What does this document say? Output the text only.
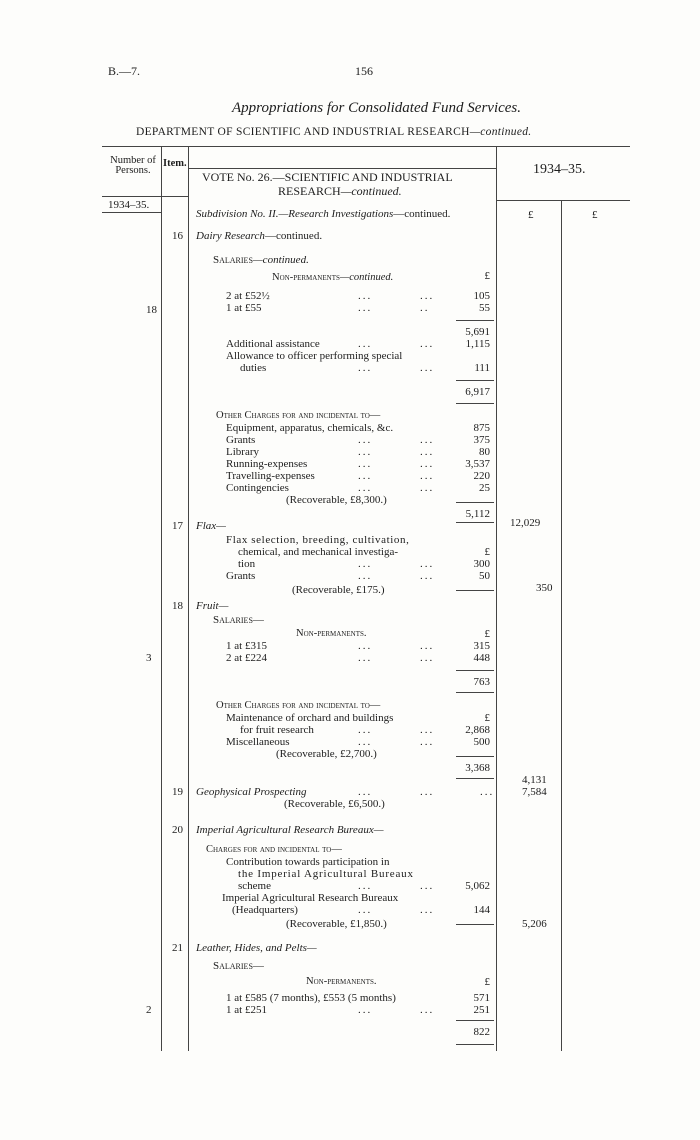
B.—7.	156
Appropriations for Consolidated Fund Services.
DEPARTMENT OF SCIENTIFIC AND INDUSTRIAL RESEARCH—continued.
Number of Persons.
Item.
VOTE No. 26.—SCIENTIFIC AND INDUSTRIAL
RESEARCH—continued.
1934–35.
1934–35.
£	£
Subdivision No. II.—Research Investigations—continued.
16 Dairy Research—continued.
Salaries—continued.
Non-permanents—continued.	£
18
2 at £52½	...	...	105
1 at £55	...	..	55
5,691
Additional assistance	...	...	1,115
Allowance to officer performing special
duties	...	...	111
6,917
Other Charges for and incidental to—
Equipment, apparatus, chemicals, &c.	875
Grants	...	...	375
Library	...	...	80
Running-expenses	...	...	3,537
Travelling-expenses	...	...	220
Contingencies	...	...	25
(Recoverable, £8,300.)
5,112
12,029
17 Flax—
Flax selection, breeding, cultivation,
chemical, and mechanical investiga-	£
tion	...	...	300
Grants	...	...	50
(Recoverable, £175.)	350
18 Fruit—
Salaries—
Non-permanents.	£
3
1 at £315	...	...	315
2 at £224	...	...	448
763
Other Charges for and incidental to—
Maintenance of orchard and buildings	£
for fruit research	...	...	2,868
Miscellaneous	...	...	500
(Recoverable, £2,700.)
3,368
4,131
19 Geophysical Prospecting	...	...	...	7,584
(Recoverable, £6,500.)
20 Imperial Agricultural Research Bureaux—
Charges for and incidental to—
Contribution towards participation in
the Imperial Agricultural Bureaux
scheme	...	...	5,062
Imperial Agricultural Research Bureaux
(Headquarters)	...	...	144
(Recoverable, £1,850.)	5,206
21 Leather, Hides, and Pelts—
Salaries—
Non-permanents.	£
2
1 at £585 (7 months), £553 (5 months)	571
1 at £251	...	...	251
822
